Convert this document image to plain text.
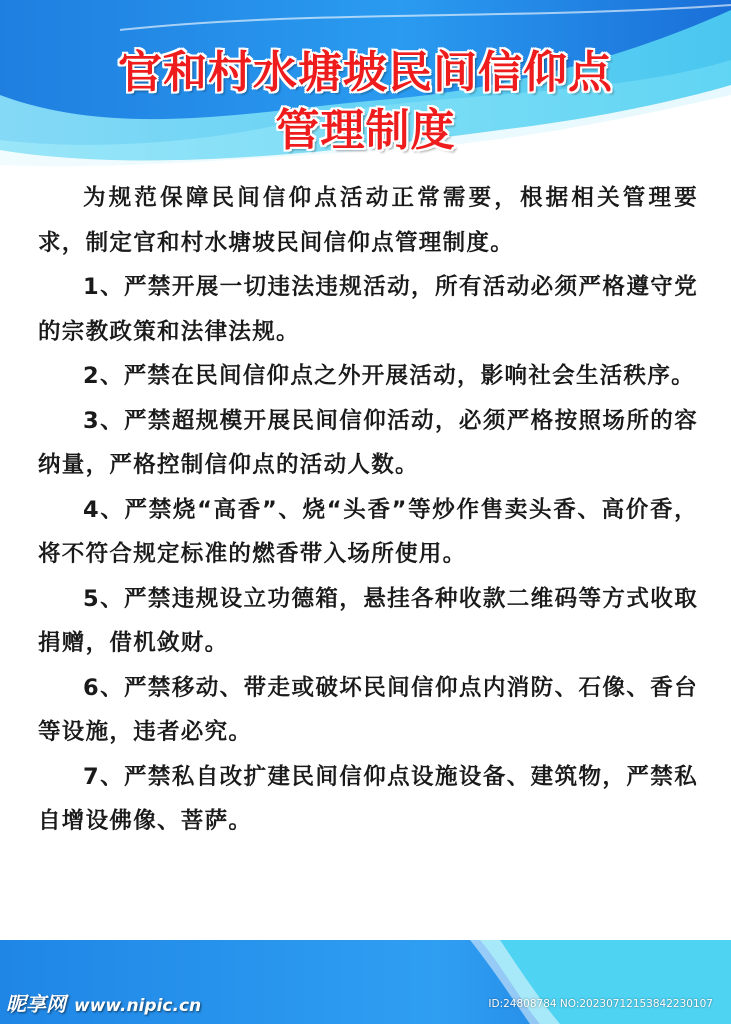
官和村水塘坡民间信仰点
管理制度

为规范保障民间信仰点活动正常需要，根据相关管理要求，制定官和村水塘坡民间信仰点管理制度。

1、严禁开展一切违法违规活动，所有活动必须严格遵守党的宗教政策和法律法规。

2、严禁在民间信仰点之外开展活动，影响社会生活秩序。

3、严禁超规模开展民间信仰活动，必须严格按照场所的容纳量，严格控制信仰点的活动人数。

4、严禁烧“高香”、烧“头香”等炒作售卖头香、高价香，将不符合规定标准的燃香带入场所使用。

5、严禁违规设立功德箱，悬挂各种收款二维码等方式收取捐赠，借机敛财。

6、严禁移动、带走或破坏民间信仰点内消防、石像、香台等设施，违者必究。

7、严禁私自改扩建民间信仰点设施设备、建筑物，严禁私自增设佛像、菩萨。

昵享网 www.nipic.cn	ID:24808784 NO:20230712153842230107
